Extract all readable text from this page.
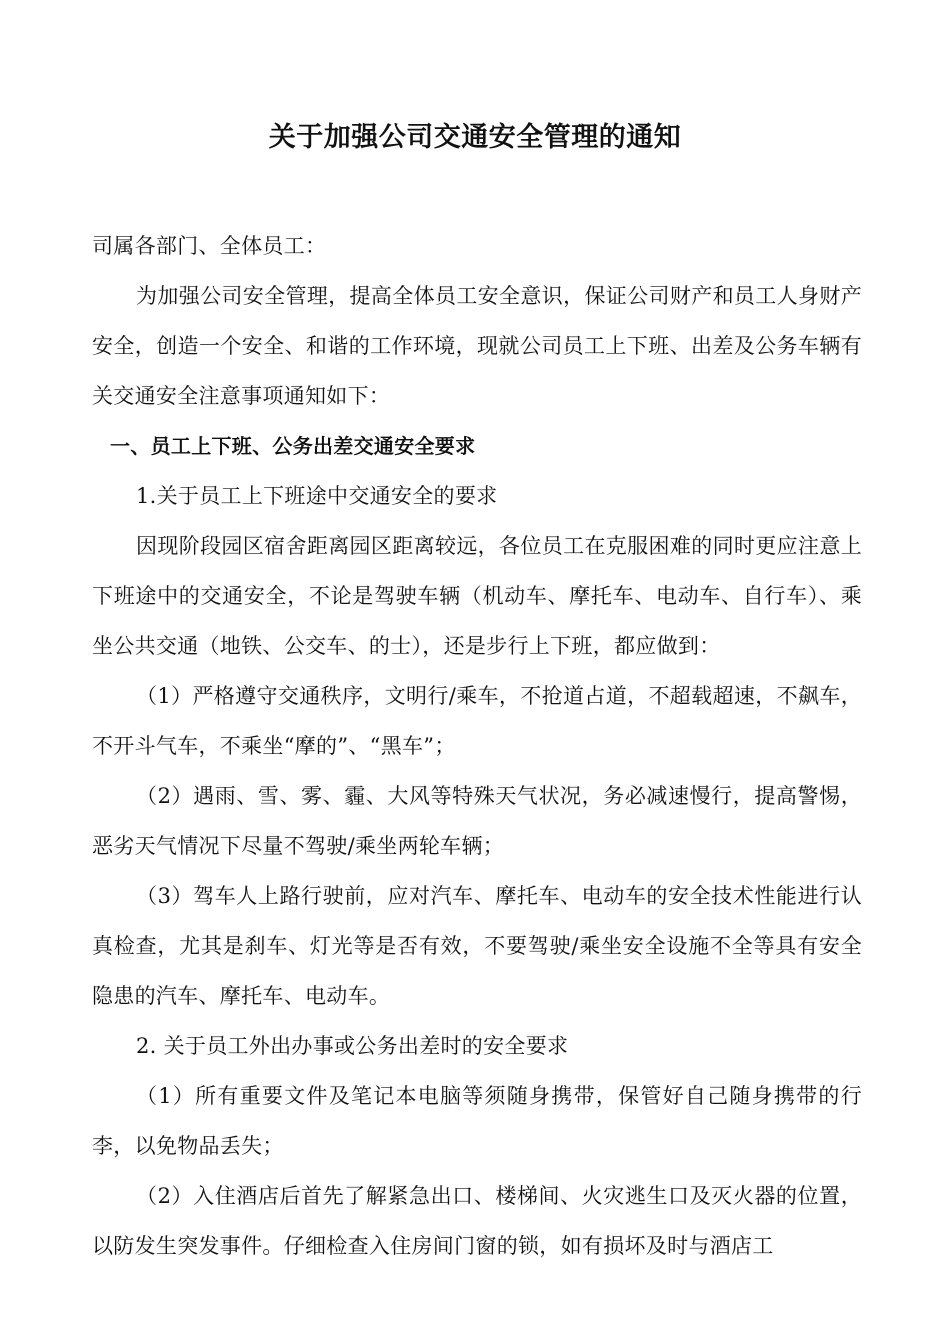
关于加强公司交通安全管理的通知

司属各部门、全体员工：

为加强公司安全管理，提高全体员工安全意识，保证公司财产和员工人身财产安全，创造一个安全、和谐的工作环境，现就公司员工上下班、出差及公务车辆有关交通安全注意事项通知如下：

一、员工上下班、公务出差交通安全要求

1.关于员工上下班途中交通安全的要求

因现阶段园区宿舍距离园区距离较远，各位员工在克服困难的同时更应注意上下班途中的交通安全，不论是驾驶车辆（机动车、摩托车、电动车、自行车）、乘坐公共交通（地铁、公交车、的士），还是步行上下班，都应做到：

（1）严格遵守交通秩序，文明行/乘车，不抢道占道，不超载超速，不飙车，不开斗气车，不乘坐“摩的”、“黑车”；

（2）遇雨、雪、雾、霾、大风等特殊天气状况，务必减速慢行，提高警惕，恶劣天气情况下尽量不驾驶/乘坐两轮车辆；

（3）驾车人上路行驶前，应对汽车、摩托车、电动车的安全技术性能进行认真检查，尤其是刹车、灯光等是否有效，不要驾驶/乘坐安全设施不全等具有安全隐患的汽车、摩托车、电动车。

2. 关于员工外出办事或公务出差时的安全要求

（1）所有重要文件及笔记本电脑等须随身携带，保管好自己随身携带的行李，以免物品丢失；

（2）入住酒店后首先了解紧急出口、楼梯间、火灾逃生口及灭火器的位置，以防发生突发事件。仔细检查入住房间门窗的锁，如有损坏及时与酒店工
